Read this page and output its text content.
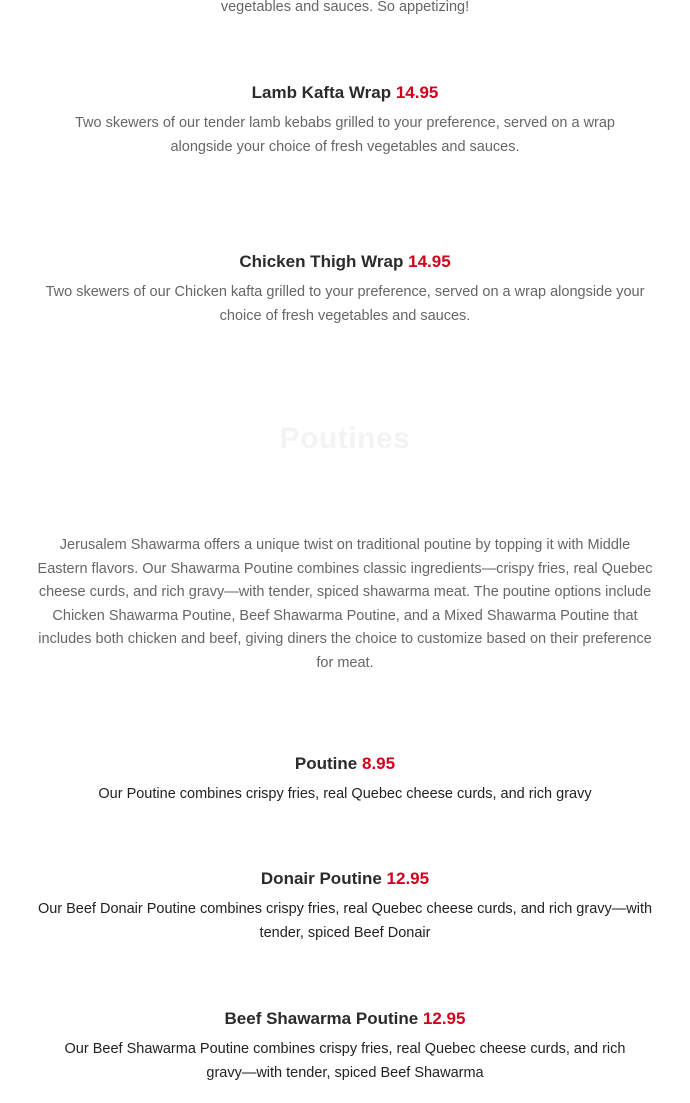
vegetables and sauces. So appetizing!

Lamb Kafta Wrap 14.95

Two skewers of our tender lamb kebabs grilled to your preference, served on a wrap alongside your choice of fresh vegetables and sauces.

Chicken Thigh Wrap 14.95

Two skewers of our Chicken kafta grilled to your preference, served on a wrap alongside your choice of fresh vegetables and sauces.

Poutines

Jerusalem Shawarma offers a unique twist on traditional poutine by topping it with Middle Eastern flavors. Our Shawarma Poutine combines classic ingredients—crispy fries, real Quebec cheese curds, and rich gravy—with tender, spiced shawarma meat. The poutine options include Chicken Shawarma Poutine, Beef Shawarma Poutine, and a Mixed Shawarma Poutine that includes both chicken and beef, giving diners the choice to customize based on their preference for meat.

Poutine 8.95

Our Poutine combines crispy fries, real Quebec cheese curds, and rich gravy

Donair Poutine 12.95

Our Beef Donair Poutine combines crispy fries, real Quebec cheese curds, and rich gravy—with tender, spiced Beef Donair

Beef Shawarma Poutine 12.95

Our Beef Shawarma Poutine combines crispy fries, real Quebec cheese curds, and rich gravy—with tender, spiced Beef Shawarma
